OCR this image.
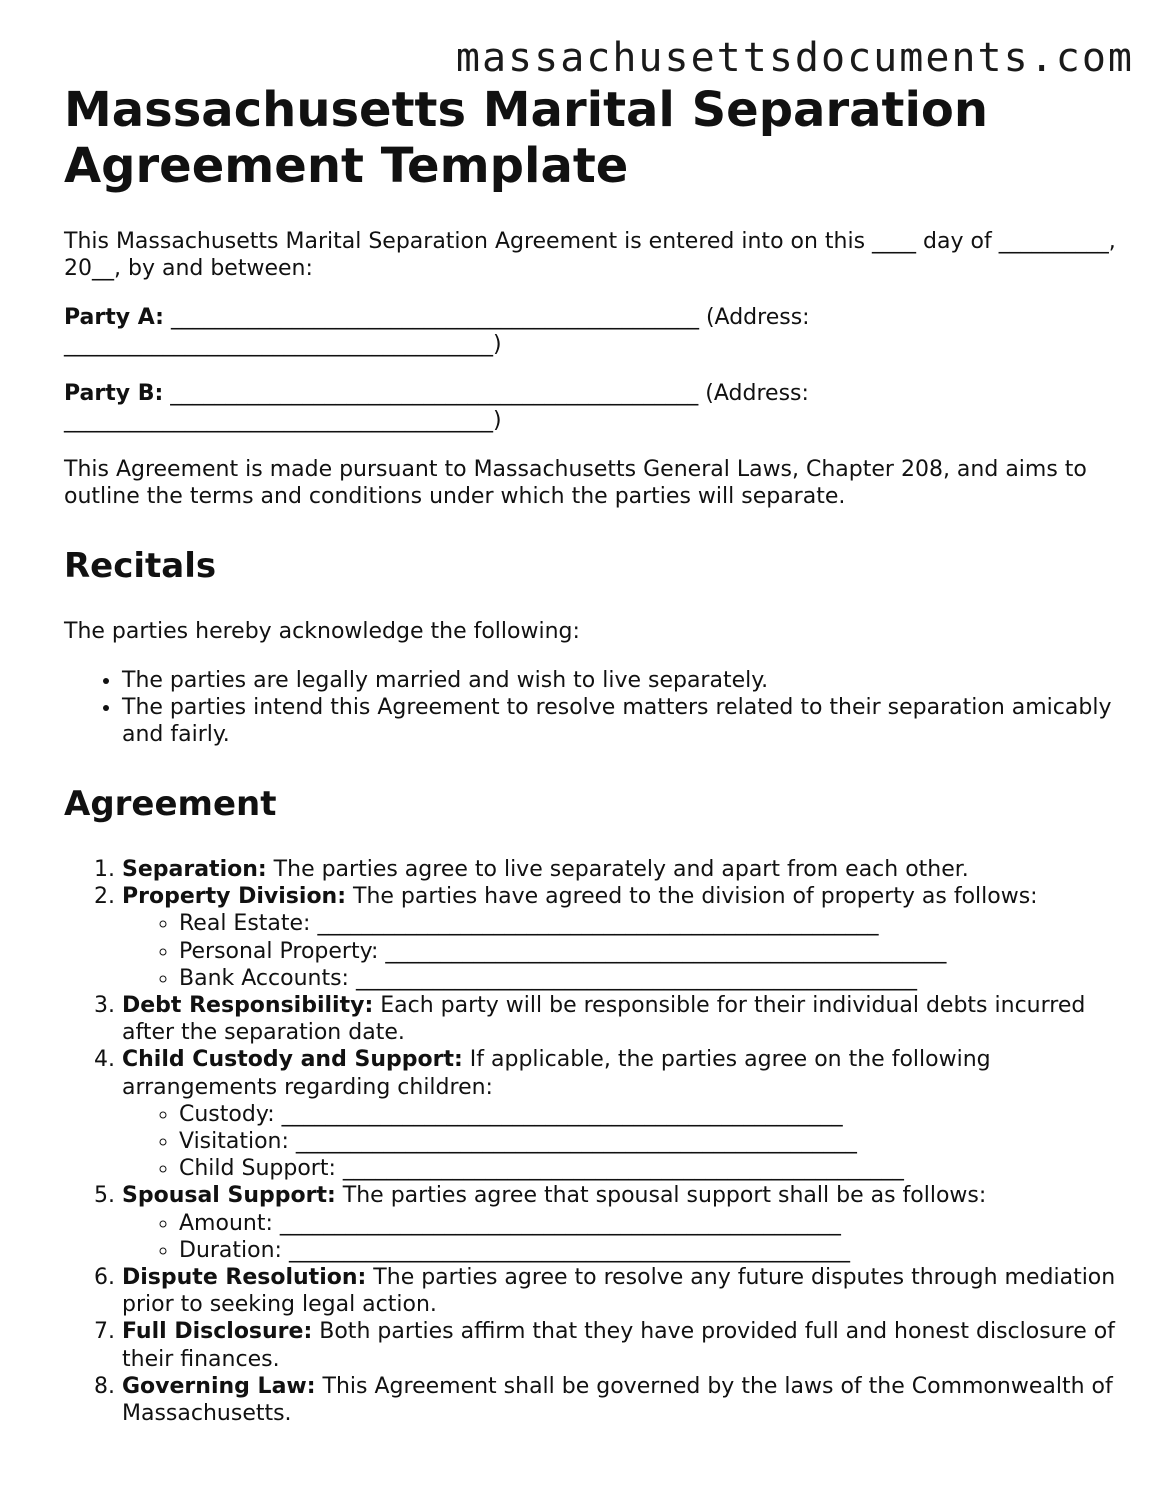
massachusettsdocuments.com
Massachusetts Marital Separation
Agreement Template

This Massachusetts Marital Separation Agreement is entered into on this ____ day of __________, 20__, by and between:

Party A: ________________________________________________ (Address: _______________________________________)

Party B: ________________________________________________ (Address: _______________________________________)

This Agreement is made pursuant to Massachusetts General Laws, Chapter 208, and aims to outline the terms and conditions under which the parties will separate.

Recitals

The parties hereby acknowledge the following:

• The parties are legally married and wish to live separately.
• The parties intend this Agreement to resolve matters related to their separation amicably and fairly.
Agreement
1. Separation: The parties agree to live separately and apart from each other.
2. Property Division: The parties have agreed to the division of property as follows:
◦ Real Estate: ___________________________________________________
◦ Personal Property: ___________________________________________________
◦ Bank Accounts: ___________________________________________________
3. Debt Responsibility: Each party will be responsible for their individual debts incurred after the separation date.
4. Child Custody and Support: If applicable, the parties agree on the following arrangements regarding children:
◦ Custody: ___________________________________________________
◦ Visitation: ___________________________________________________
◦ Child Support: ___________________________________________________
5. Spousal Support: The parties agree that spousal support shall be as follows:
◦ Amount: ___________________________________________________
◦ Duration: ___________________________________________________
6. Dispute Resolution: The parties agree to resolve any future disputes through mediation prior to seeking legal action.
7. Full Disclosure: Both parties affirm that they have provided full and honest disclosure of their finances.
8. Governing Law: This Agreement shall be governed by the laws of the Commonwealth of Massachusetts.
